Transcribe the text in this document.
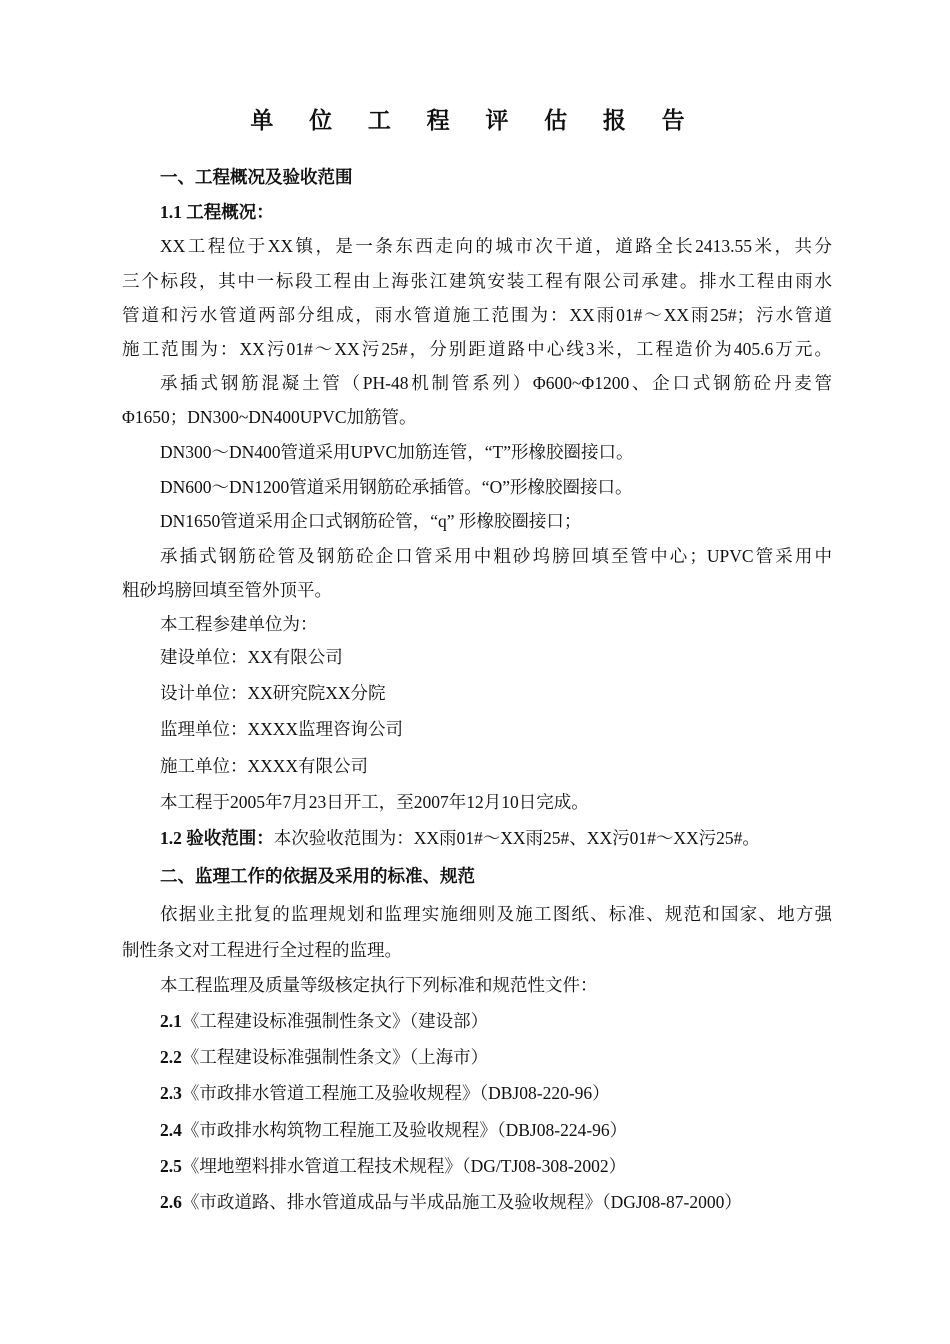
单 位 工 程 评 估 报 告
一、工程概况及验收范围
1.1 工程概况：
XX工程位于XX镇，是一条东西走向的城市次干道，道路全长2413.55米，共分
三个标段，其中一标段工程由上海张江建筑安装工程有限公司承建。排水工程由雨水
管道和污水管道两部分组成，雨水管道施工范围为：XX雨01#～XX雨25#；污水管道
施工范围为：XX污01#～XX污25#，分别距道路中心线3米，工程造价为405.6万元。
承插式钢筋混凝土管（PH-48机制管系列）Φ600~Φ1200、企口式钢筋砼丹麦管
Φ1650；DN300~DN400UPVC加筋管。
DN300～DN400管道采用UPVC加筋连管，“T”形橡胶圈接口。
DN600～DN1200管道采用钢筋砼承插管。“O”形橡胶圈接口。
DN1650管道采用企口式钢筋砼管，“q” 形橡胶圈接口；
承插式钢筋砼管及钢筋砼企口管采用中粗砂坞膀回填至管中心；UPVC管采用中
粗砂坞膀回填至管外顶平。
本工程参建单位为：
建设单位：XX有限公司
设计单位：XX研究院XX分院
监理单位：XXXX监理咨询公司
施工单位：XXXX有限公司
本工程于2005年7月23日开工，至2007年12月10日完成。
1.2 验收范围：本次验收范围为：XX雨01#～XX雨25#、XX污01#～XX污25#。
二、监理工作的依据及采用的标准、规范
依据业主批复的监理规划和监理实施细则及施工图纸、标准、规范和国家、地方强
制性条文对工程进行全过程的监理。
本工程监理及质量等级核定执行下列标准和规范性文件：
2.1《工程建设标准强制性条文》（建设部）
2.2《工程建设标准强制性条文》（上海市）
2.3《市政排水管道工程施工及验收规程》（DBJ08-220-96）
2.4《市政排水构筑物工程施工及验收规程》（DBJ08-224-96）
2.5《埋地塑料排水管道工程技术规程》（DG/TJ08-308-2002）
2.6《市政道路、排水管道成品与半成品施工及验收规程》（DGJ08-87-2000）
